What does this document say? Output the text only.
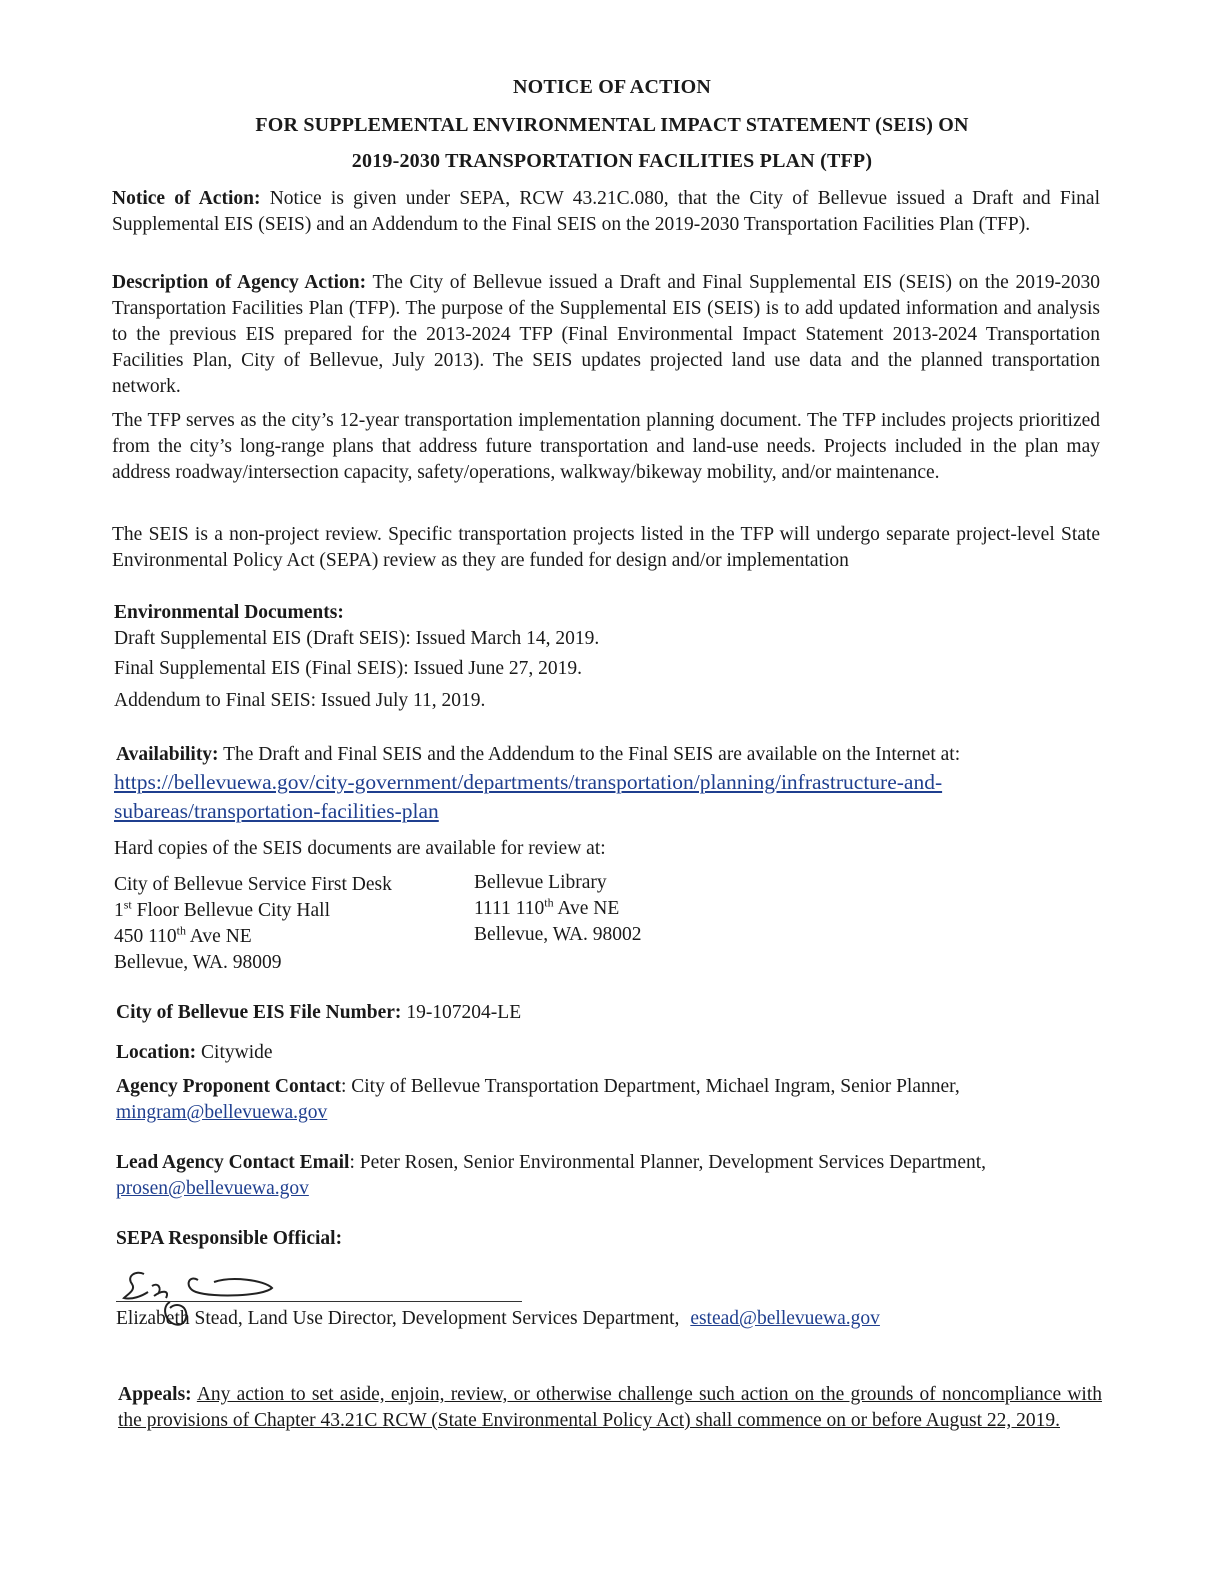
NOTICE OF ACTION
FOR SUPPLEMENTAL ENVIRONMENTAL IMPACT STATEMENT (SEIS) ON
2019-2030 TRANSPORTATION FACILITIES PLAN (TFP)
Notice of Action: Notice is given under SEPA, RCW 43.21C.080, that the City of Bellevue issued a Draft and Final Supplemental EIS (SEIS) and an Addendum to the Final SEIS on the 2019-2030 Transportation Facilities Plan (TFP).
Description of Agency Action: The City of Bellevue issued a Draft and Final Supplemental EIS (SEIS) on the 2019-2030 Transportation Facilities Plan (TFP). The purpose of the Supplemental EIS (SEIS) is to add updated information and analysis to the previous EIS prepared for the 2013-2024 TFP (Final Environmental Impact Statement 2013-2024 Transportation Facilities Plan, City of Bellevue, July 2013). The SEIS updates projected land use data and the planned transportation network.
The TFP serves as the city’s 12-year transportation implementation planning document. The TFP includes projects prioritized from the city’s long-range plans that address future transportation and land-use needs. Projects included in the plan may address roadway/intersection capacity, safety/operations, walkway/bikeway mobility, and/or maintenance.
The SEIS is a non-project review. Specific transportation projects listed in the TFP will undergo separate project-level State Environmental Policy Act (SEPA) review as they are funded for design and/or implementation
Environmental Documents:
Draft Supplemental EIS (Draft SEIS): Issued March 14, 2019.
Final Supplemental EIS (Final SEIS): Issued June 27, 2019.
Addendum to Final SEIS: Issued July 11, 2019.
Availability: The Draft and Final SEIS and the Addendum to the Final SEIS are available on the Internet at:
https://bellevuewa.gov/city-government/departments/transportation/planning/infrastructure-and-
subareas/transportation-facilities-plan
Hard copies of the SEIS documents are available for review at:
City of Bellevue Service First Desk
1st Floor Bellevue City Hall
450 110th Ave NE
Bellevue, WA. 98009
Bellevue Library
1111 110th Ave NE
Bellevue, WA. 98002
City of Bellevue EIS File Number: 19-107204-LE
Location: Citywide
Agency Proponent Contact: City of Bellevue Transportation Department, Michael Ingram, Senior Planner,
mingram@bellevuewa.gov
Lead Agency Contact Email: Peter Rosen, Senior Environmental Planner, Development Services Department,
prosen@bellevuewa.gov
SEPA Responsible Official:
Elizabeth Stead, Land Use Director, Development Services Department, estead@bellevuewa.gov
Appeals: Any action to set aside, enjoin, review, or otherwise challenge such action on the grounds of noncompliance with the provisions of Chapter 43.21C RCW (State Environmental Policy Act) shall commence on or before August 22, 2019.
